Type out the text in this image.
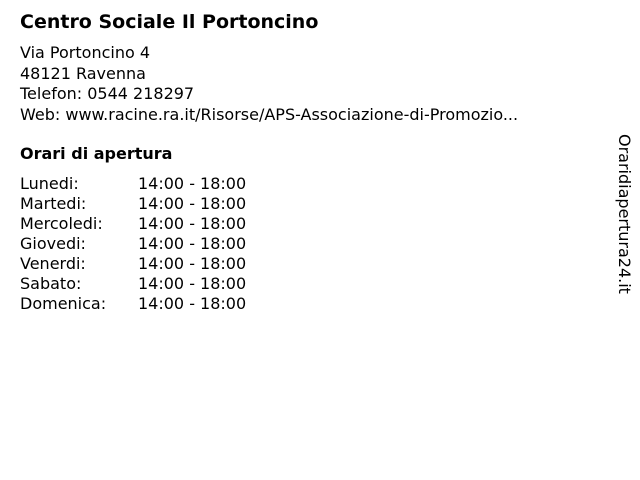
Centro Sociale Il Portoncino
Via Portoncino 4
48121 Ravenna
Telefon: 0544 218297
Web: www.racine.ra.it/Risorse/APS-Associazione-di-Promozio...
Orari di apertura
Lunedi:	14:00 - 18:00
Martedi:	14:00 - 18:00
Mercoledi: 14:00 - 18:00
Giovedi:	14:00 - 18:00
Venerdi:	14:00 - 18:00
Sabato:	14:00 - 18:00
Domenica: 14:00 - 18:00
Oraridiapertura24.it
